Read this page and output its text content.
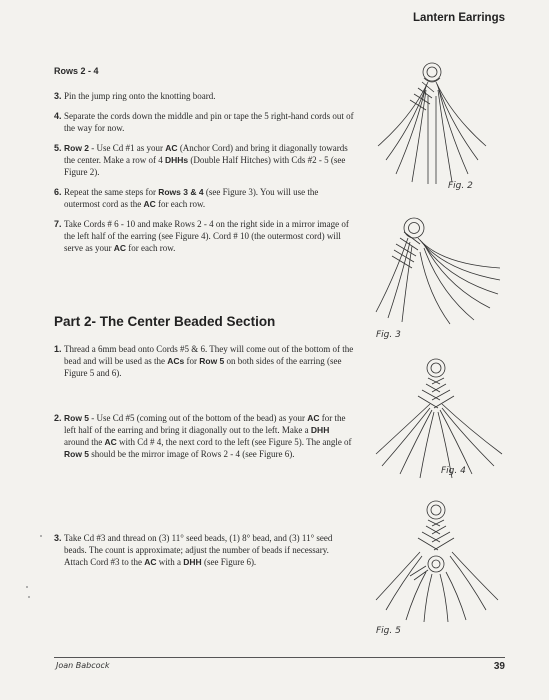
Lantern Earrings
Rows 2 - 4
3. Pin the jump ring onto the knotting board.
4. Separate the cords down the middle and pin or tape the 5 right-hand cords out of the way for now.
5. Row 2 - Use Cd #1 as your AC (Anchor Cord) and bring it diagonally towards the center. Make a row of 4 DHHs (Double Half Hitches) with Cds #2 - 5 (see Figure 2).
6. Repeat the same steps for Rows 3 & 4 (see Figure 3). You will use the outermost cord as the AC for each row.
7. Take Cords # 6 - 10 and make Rows 2 - 4 on the right side in a mirror image of the left half of the earring (see Figure 4). Cord # 10 (the outermost cord) will serve as your AC for each row.
Part 2- The Center Beaded Section
1. Thread a 6mm bead onto Cords #5 & 6. They will come out of the bottom of the bead and will be used as the ACs for Row 5 on both sides of the earring (see Figure 5 and 6).
2. Row 5 - Use Cd #5 (coming out of the bottom of the bead) as your AC for the left half of the earring and bring it diagonally out to the left. Make a DHH around the AC with Cd # 4, the next cord to the left (see Figure 5). The angle of Row 5 should be the mirror image of Rows 2 - 4 (see Figure 6).
3. Take Cd #3 and thread on (3) 11° seed beads, (1) 8° bead, and (3) 11° seed beads. The count is approximate; adjust the number of beads if necessary. Attach Cord #3 to the AC with a DHH (see Figure 6).
Fig. 2
Fig. 3
Fig. 4
Fig. 5
Joan Babcock	39
